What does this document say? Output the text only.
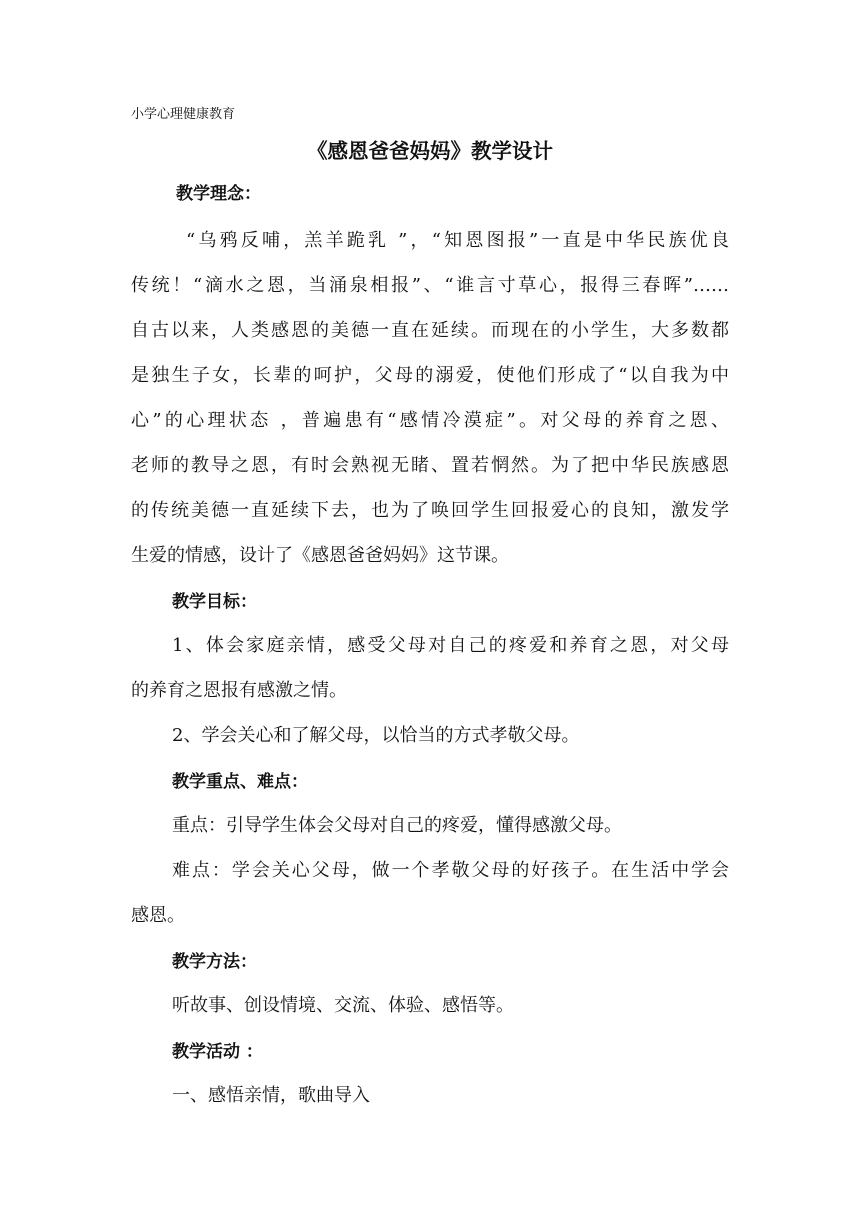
小学心理健康教育
《感恩爸爸妈妈》教学设计
教学理念：
“乌鸦反哺，羔羊跪乳 ”，“知恩图报”一直是中华民族优良
传统！“滴水之恩，当涌泉相报”、“谁言寸草心，报得三春晖”……
自古以来，人类感恩的美德一直在延续。而现在的小学生，大多数都
是独生子女，长辈的呵护，父母的溺爱，使他们形成了“以自我为中
心”的心理状态 ，普遍患有“感情冷漠症”。对父母的养育之恩、
老师的教导之恩，有时会熟视无睹、置若惘然。为了把中华民族感恩
的传统美德一直延续下去，也为了唤回学生回报爱心的良知，激发学
生爱的情感，设计了《感恩爸爸妈妈》这节课。
教学目标：
1、体会家庭亲情，感受父母对自己的疼爱和养育之恩，对父母
的养育之恩报有感激之情。
2、学会关心和了解父母，以恰当的方式孝敬父母。
教学重点、难点：
重点：引导学生体会父母对自己的疼爱，懂得感激父母。
难点：学会关心父母，做一个孝敬父母的好孩子。在生活中学会
感恩。
教学方法：
听故事、创设情境、交流、体验、感悟等。
教学活动 ：
一、感悟亲情，歌曲导入
